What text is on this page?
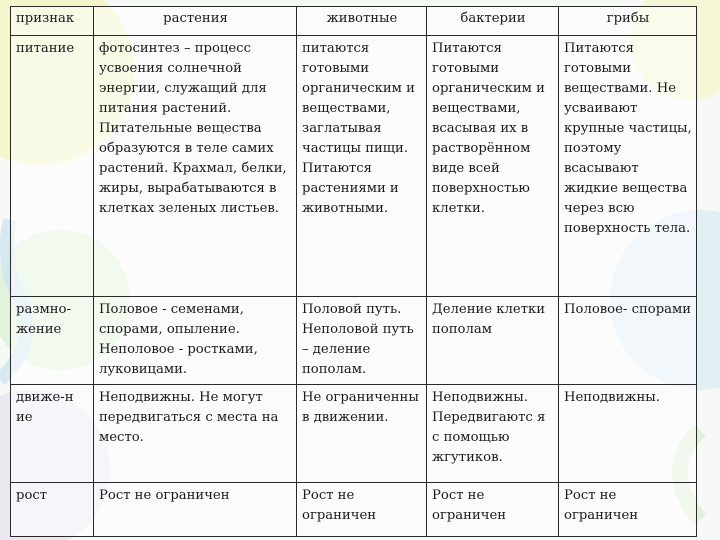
признак	растения	животные	бактерии	грибы
питание	фотосинтез – процесс усвоения солнечной энергии, служащий для питания растений. Питательные вещества образуются в теле самих растений. Крахмал, белки, жиры, вырабатываются в клетках зеленых листьев.	питаются готовыми органическим и веществами, заглатывая частицы пищи. Питаются растениями и животными.	Питаются готовыми органическим и веществами, всасывая их в растворённом виде всей поверхностью клетки.	Питаются готовыми веществами. Не усваивают крупные частицы, поэтому всасывают жидкие вещества через всю поверхность тела.
размно-жение	Половое - семенами, спорами, опыление. Неполовое - ростками, луковицами.	Половой путь. Неполовой путь – деление пополам.	Деление клетки пополам	Половое- спорами
движе-н ие	Неподвижны. Не могут передвигаться с места на место.	Не ограниченны в движении.	Неподвижны. Передвигаютс я с помощью жгутиков.	Неподвижны.
рост	Рост не ограничен	Рост не ограничен	Рост не ограничен	Рост не ограничен
